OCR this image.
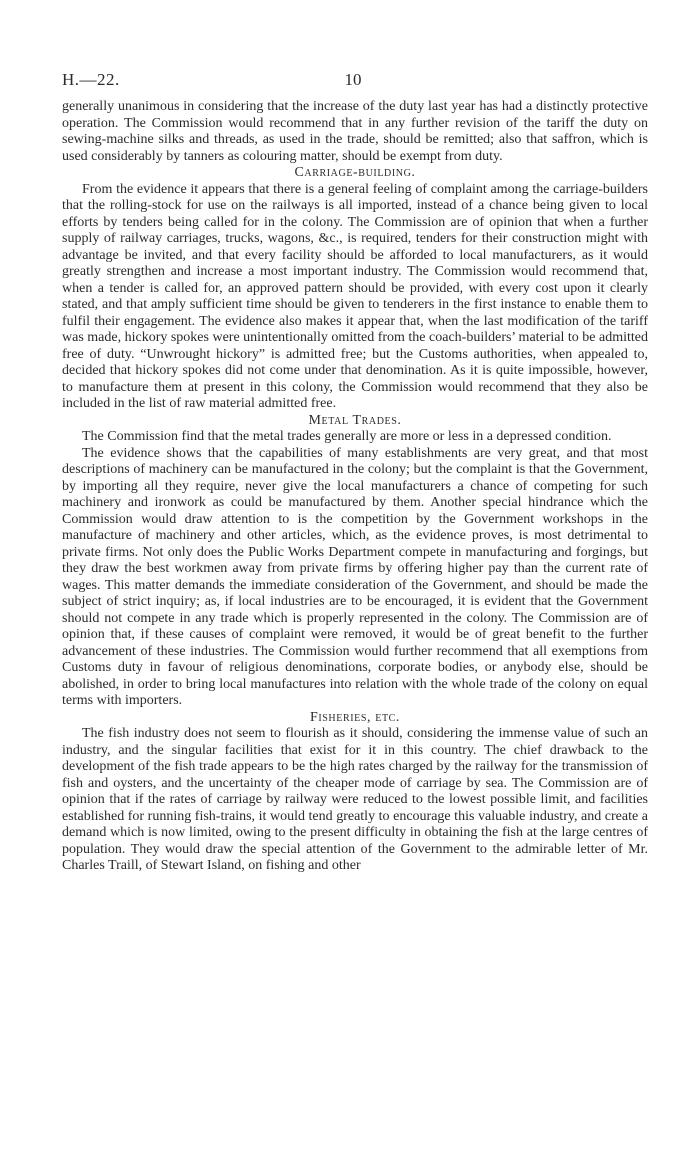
H.—22.	10

generally unanimous in considering that the increase of the duty last year has had a distinctly protective operation. The Commission would recommend that in any further revision of the tariff the duty on sewing-machine silks and threads, as used in the trade, should be remitted; also that saffron, which is used considerably by tanners as colouring matter, should be exempt from duty.

Carriage-building.

From the evidence it appears that there is a general feeling of complaint among the carriage-builders that the rolling-stock for use on the railways is all imported, instead of a chance being given to local efforts by tenders being called for in the colony. The Commission are of opinion that when a further supply of railway carriages, trucks, wagons, &c., is required, tenders for their construction might with advantage be invited, and that every facility should be afforded to local manufacturers, as it would greatly strengthen and increase a most important industry. The Commission would recommend that, when a tender is called for, an approved pattern should be provided, with every cost upon it clearly stated, and that amply sufficient time should be given to tenderers in the first instance to enable them to fulfil their engagement. The evidence also makes it appear that, when the last modification of the tariff was made, hickory spokes were unintentionally omitted from the coach-builders’ material to be admitted free of duty. “Unwrought hickory” is admitted free; but the Customs authorities, when appealed to, decided that hickory spokes did not come under that denomination. As it is quite impossible, however, to manufacture them at present in this colony, the Commission would recommend that they also be included in the list of raw material admitted free.

Metal Trades.

The Commission find that the metal trades generally are more or less in a depressed condition.

The evidence shows that the capabilities of many establishments are very great, and that most descriptions of machinery can be manufactured in the colony; but the complaint is that the Government, by importing all they require, never give the local manufacturers a chance of competing for such machinery and ironwork as could be manufactured by them. Another special hindrance which the Commission would draw attention to is the competition by the Government workshops in the manufacture of machinery and other articles, which, as the evidence proves, is most detrimental to private firms. Not only does the Public Works Department compete in manufacturing and forgings, but they draw the best workmen away from private firms by offering higher pay than the current rate of wages. This matter demands the immediate consideration of the Government, and should be made the subject of strict inquiry; as, if local industries are to be encouraged, it is evident that the Government should not compete in any trade which is properly represented in the colony. The Commission are of opinion that, if these causes of complaint were removed, it would be of great benefit to the further advancement of these industries. The Commission would further recommend that all exemptions from Customs duty in favour of religious denominations, corporate bodies, or anybody else, should be abolished, in order to bring local manufactures into relation with the whole trade of the colony on equal terms with importers.

Fisheries, etc.

The fish industry does not seem to flourish as it should, considering the immense value of such an industry, and the singular facilities that exist for it in this country. The chief drawback to the development of the fish trade appears to be the high rates charged by the railway for the transmission of fish and oysters, and the uncertainty of the cheaper mode of carriage by sea. The Commission are of opinion that if the rates of carriage by railway were reduced to the lowest possible limit, and facilities established for running fish-trains, it would tend greatly to encourage this valuable industry, and create a demand which is now limited, owing to the present difficulty in obtaining the fish at the large centres of population. They would draw the special attention of the Government to the admirable letter of Mr. Charles Traill, of Stewart Island, on fishing and other
